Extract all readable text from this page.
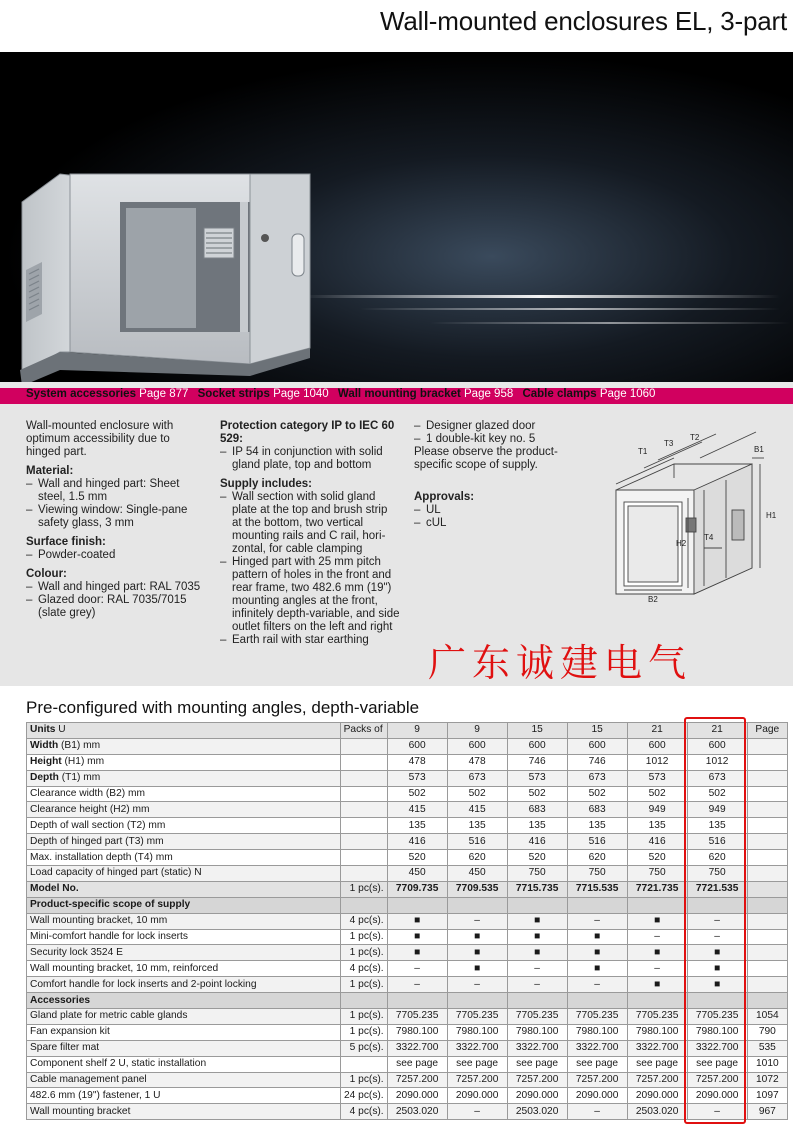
Wall-mounted enclosures EL, 3-part
System accessories Page 877 Socket strips Page 1040 Wall mounting bracket Page 958 Cable clamps Page 1060

Wall-mounted enclosure with optimum accessibility due to hinged part.

Material:
– Wall and hinged part: Sheet steel, 1.5 mm
– Viewing window: Single-pane safety glass, 3 mm
Surface finish:
– Powder-coated
Colour:
– Wall and hinged part: RAL 7035
– Glazed door: RAL 7035/7015 (slate grey)
Protection category IP to IEC 60 529:
– IP 54 in conjunction with solid gland plate, top and bottom
Supply includes:
– Wall section with solid gland plate at the top and brush strip at the bottom, two vertical mounting rails and C rail, hori-zontal, for cable clamping
– Hinged part with 25 mm pitch pattern of holes in the front and rear frame, two 482.6 mm (19") mounting angles at the front, infinitely depth-variable, and side outlet filters on the left and right
– Earth rail with star earthing
– Designer glazed door
– 1 double-kit key no. 5

Please observe the product-specific scope of supply.

Approvals:
– UL
– cUL
T1
T3
T2
B1
H1
H2
T4
B2
广东诚建电气
Pre-configured with mounting angles, depth-variable
Units U	Packs of	9	9	15	15	21	21	Page
Width (B1) mm		600	600	600	600	600	600	
Height (H1) mm		478	478	746	746	1012	1012	
Depth (T1) mm		573	673	573	673	573	673	
Clearance width (B2) mm		502	502	502	502	502	502	
Clearance height (H2) mm		415	415	683	683	949	949	
Depth of wall section (T2) mm		135	135	135	135	135	135	
Depth of hinged part (T3) mm		416	516	416	516	416	516	
Max. installation depth (T4) mm		520	620	520	620	520	620	
Load capacity of hinged part (static) N		450	450	750	750	750	750	
Model No.	1 pc(s).	7709.735	7709.535	7715.735	7715.535	7721.735	7721.535	
Product-specific scope of supply								
Wall mounting bracket, 10 mm	4 pc(s).	■	–	■	–	■	–	
Mini-comfort handle for lock inserts	1 pc(s).	■	■	■	■	–	–	
Security lock 3524 E	1 pc(s).	■	■	■	■	■	■	
Wall mounting bracket, 10 mm, reinforced	4 pc(s).	–	■	–	■	–	■	
Comfort handle for lock inserts and 2-point locking	1 pc(s).	–	–	–	–	■	■	
Accessories								
Gland plate for metric cable glands	1 pc(s).	7705.235	7705.235	7705.235	7705.235	7705.235	7705.235	1054
Fan expansion kit	1 pc(s).	7980.100	7980.100	7980.100	7980.100	7980.100	7980.100	790
Spare filter mat	5 pc(s).	3322.700	3322.700	3322.700	3322.700	3322.700	3322.700	535
Component shelf 2 U, static installation		see page	see page	see page	see page	see page	see page	1010
Cable management panel	1 pc(s).	7257.200	7257.200	7257.200	7257.200	7257.200	7257.200	1072
482.6 mm (19") fastener, 1 U	24 pc(s).	2090.000	2090.000	2090.000	2090.000	2090.000	2090.000	1097
Wall mounting bracket	4 pc(s).	2503.020	–	2503.020	–	2503.020	–	967
